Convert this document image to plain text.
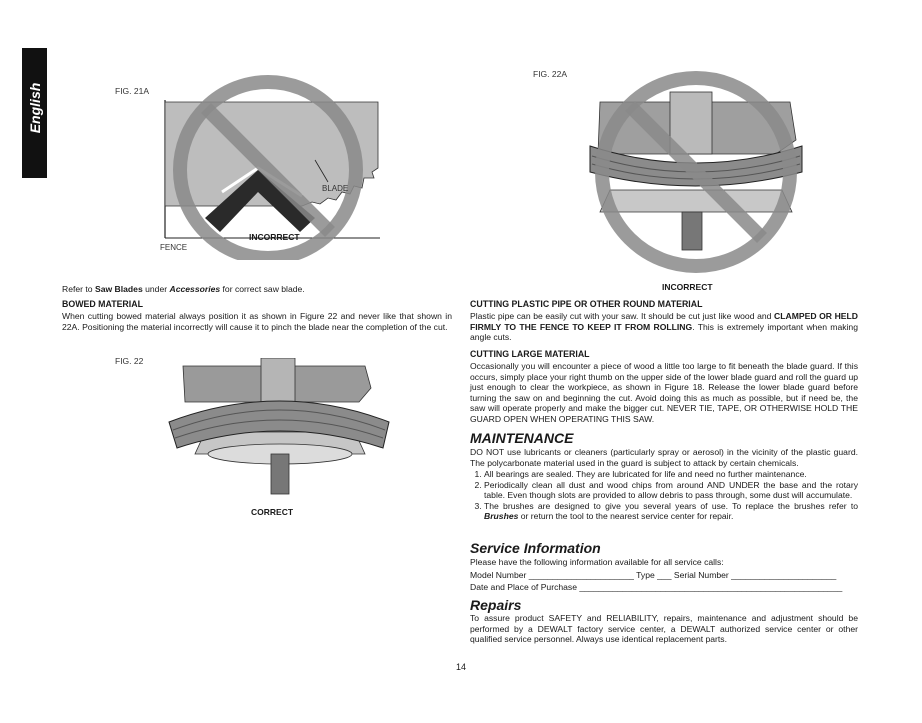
English	FIG. 21A
BLADE
FENCE
INCORRECT
Refer to Saw Blades under Accessories for correct saw blade.
BOWED MATERIAL
When cutting bowed material always position it as shown in Figure 22 and never like that shown in 22A. Positioning the material incorrectly will cause it to pinch the blade near the completion of the cut.
FIG. 22
CORRECT
FIG. 22A
INCORRECT
CUTTING PLASTIC PIPE OR OTHER ROUND MATERIAL
Plastic pipe can be easily cut with your saw. It should be cut just like wood and CLAMPED OR HELD FIRMLY TO THE FENCE TO KEEP IT FROM ROLLING. This is extremely important when making angle cuts.
CUTTING LARGE MATERIAL
Occasionally you will encounter a piece of wood a little too large to fit beneath the blade guard. If this occurs, simply place your right thumb on the upper side of the lower blade guard and roll the guard up just enough to clear the workpiece, as shown in Figure 18. Release the lower blade guard before turning the saw on and beginning the cut. Avoid doing this as much as possible, but if need be, the saw will operate properly and make the bigger cut. NEVER TIE, TAPE, OR OTHERWISE HOLD THE GUARD OPEN WHEN OPERATING THIS SAW.
MAINTENANCE
DO NOT use lubricants or cleaners (particularly spray or aerosol) in the vicinity of the plastic guard. The polycarbonate material used in the guard is subject to attack by certain chemicals.
1. All bearings are sealed. They are lubricated for life and need no further maintenance.
2. Periodically clean all dust and wood chips from around AND UNDER the base and the rotary table. Even though slots are provided to allow debris to pass through, some dust will accumulate.
3. The brushes are designed to give you several years of use. To replace the brushes refer to Brushes or return the tool to the nearest service center for repair.
Service Information
Please have the following information available for all service calls:
Model Number ______________________ Type ___ Serial Number ______________________
Date and Place of Purchase _______________________________________________________
Repairs
To assure product SAFETY and RELIABILITY, repairs, maintenance and adjustment should be performed by a DEWALT factory service center, a DEWALT authorized service center or other qualified service personnel. Always use identical replacement parts.
14
